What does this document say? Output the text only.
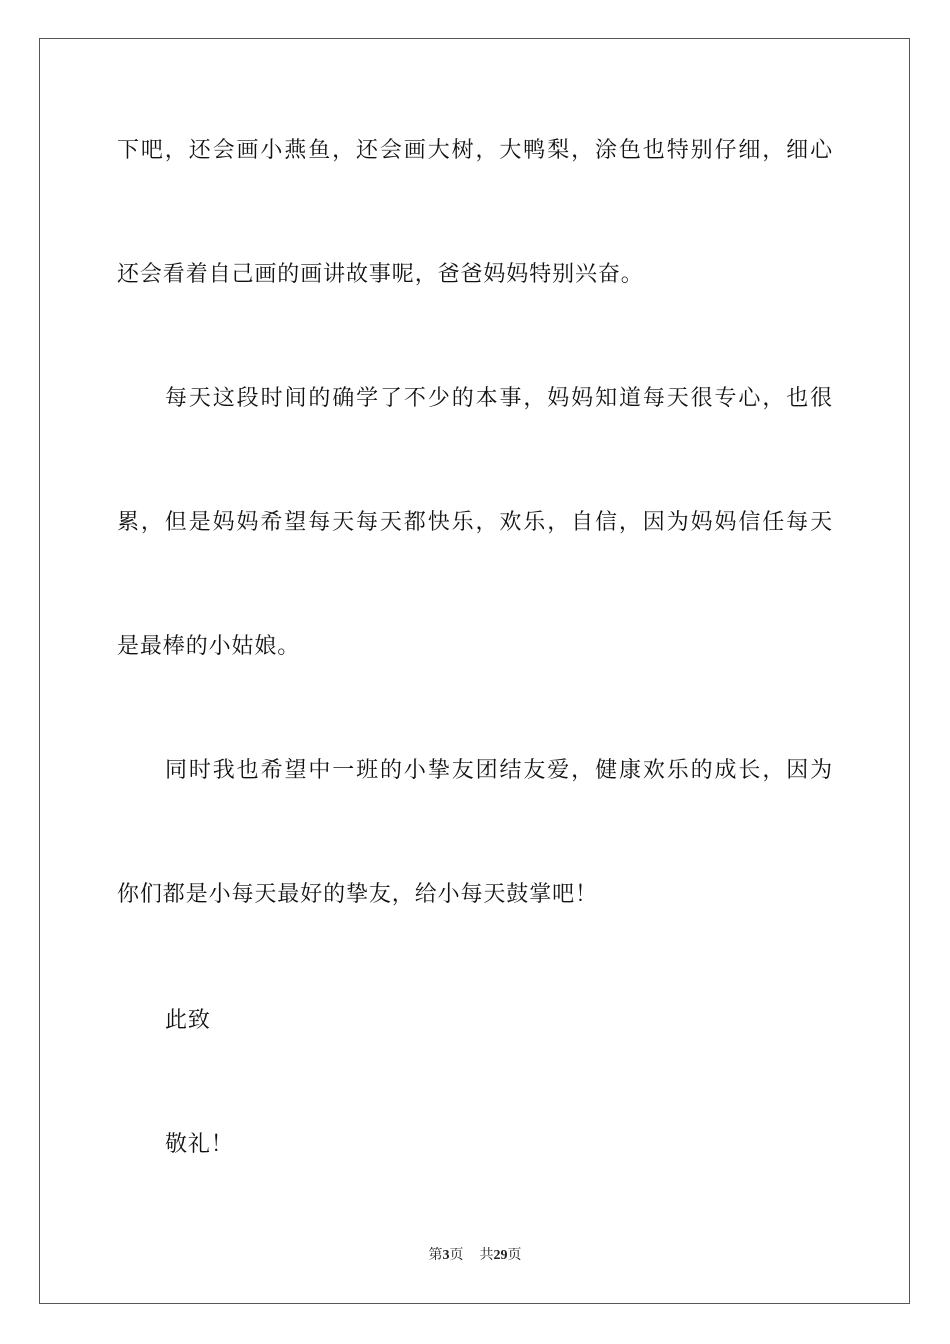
下吧，还会画小燕鱼，还会画大树，大鸭梨，涂色也特别仔细，细心
还会看着自己画的画讲故事呢，爸爸妈妈特别兴奋。
每天这段时间的确学了不少的本事，妈妈知道每天很专心，也很
累，但是妈妈希望每天每天都快乐，欢乐，自信，因为妈妈信任每天
是最棒的小姑娘。
同时我也希望中一班的小挚友团结友爱，健康欢乐的成长，因为
你们都是小每天最好的挚友，给小每天鼓掌吧！
此致
敬礼！
第3页 共29页
